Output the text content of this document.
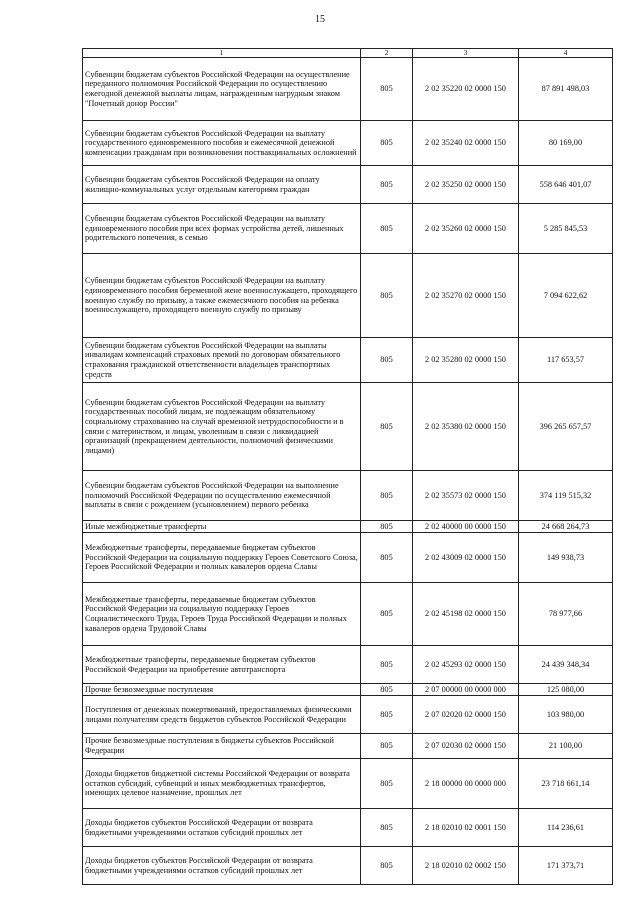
15
1	2	3	4
Субвенции бюджетам субъектов Российской Федерации на осуществление переданного полномочия Российской Федерации по осуществлению ежегодной денежной выплаты лицам, награжденным нагрудным знаком "Почетный донор России"	805	2 02 35220 02 0000 150	87 891 498,03
Субвенции бюджетам субъектов Российской Федерации на выплату государственного единовременного пособия и ежемесячной денежной компенсации гражданам при возникновении поствакцинальных осложнений	805	2 02 35240 02 0000 150	80 169,00
Субвенции бюджетам субъектов Российской Федерации на оплату жилищно-коммунальных услуг отдельным категориям граждан	805	2 02 35250 02 0000 150	558 646 401,07
Субвенции бюджетам субъектов Российской Федерации на выплату единовременного пособия при всех формах устройства детей, лишенных родительского попечения, в семью	805	2 02 35260 02 0000 150	5 285 845,53
Субвенции бюджетам субъектов Российской Федерации на выплату единовременного пособия беременной жене военнослужащего, проходящего военную службу по призыву, а также ежемесячного пособия на ребенка военнослужащего, проходящего военную службу по призыву	805	2 02 35270 02 0000 150	7 094 622,62
Субвенции бюджетам субъектов Российской Федерации на выплаты инвалидам компенсаций страховых премий по договорам обязательного страхования гражданской ответственности владельцев транспортных средств	805	2 02 35280 02 0000 150	117 653,57
Субвенции бюджетам субъектов Российской Федерации на выплату государственных пособий лицам, не подлежащим обязательному социальному страхованию на случай временной нетрудоспособности и в связи с материнством, и лицам, уволенным в связи с ликвидацией организаций (прекращением деятельности, полномочий физическими лицами)	805	2 02 35380 02 0000 150	396 265 657,57
Субвенции бюджетам субъектов Российской Федерации на выполнение полномочий Российской Федерации по осуществлению ежемесячной выплаты в связи с рождением (усыновлением) первого ребенка	805	2 02 35573 02 0000 150	374 119 515,32
Иные межбюджетные трансферты	805	2 02 40000 00 0000 150	24 668 264,73
Межбюджетные трансферты, передаваемые бюджетам субъектов Российской Федерации на социальную поддержку Героев Советского Союза, Героев Российской Федерации и полных кавалеров ордена Славы	805	2 02 43009 02 0000 150	149 938,73
Межбюджетные трансферты, передаваемые бюджетам субъектов Российской Федерации на социальную поддержку Героев Социалистического Труда, Героев Труда Российской Федерации и полных кавалеров ордена Трудовой Славы	805	2 02 45198 02 0000 150	78 977,66
Межбюджетные трансферты, передаваемые бюджетам субъектов Российской Федерации на приобретение автотранспорта	805	2 02 45293 02 0000 150	24 439 348,34
Прочие безвозмездные поступления	805	2 07 00000 00 0000 000	125 080,00
Поступления от денежных пожертвований, предоставляемых физическими лицами получателям средств бюджетов субъектов Российской Федерации	805	2 07 02020 02 0000 150	103 980,00
Прочие безвозмездные поступления в бюджеты субъектов Российской Федерации	805	2 07 02030 02 0000 150	21 100,00
Доходы бюджетов бюджетной системы Российской Федерации от возврата остатков субсидий, субвенций и иных межбюджетных трансфертов, имеющих целевое назначение, прошлых лет	805	2 18 00000 00 0000 000	23 718 661,14
Доходы бюджетов субъектов Российской Федерации от возврата бюджетными учреждениями остатков субсидий прошлых лет	805	2 18 02010 02 0001 150	114 236,61
Доходы бюджетов субъектов Российской Федерации от возврата бюджетными учреждениями остатков субсидий прошлых лет	805	2 18 02010 02 0002 150	171 373,71
